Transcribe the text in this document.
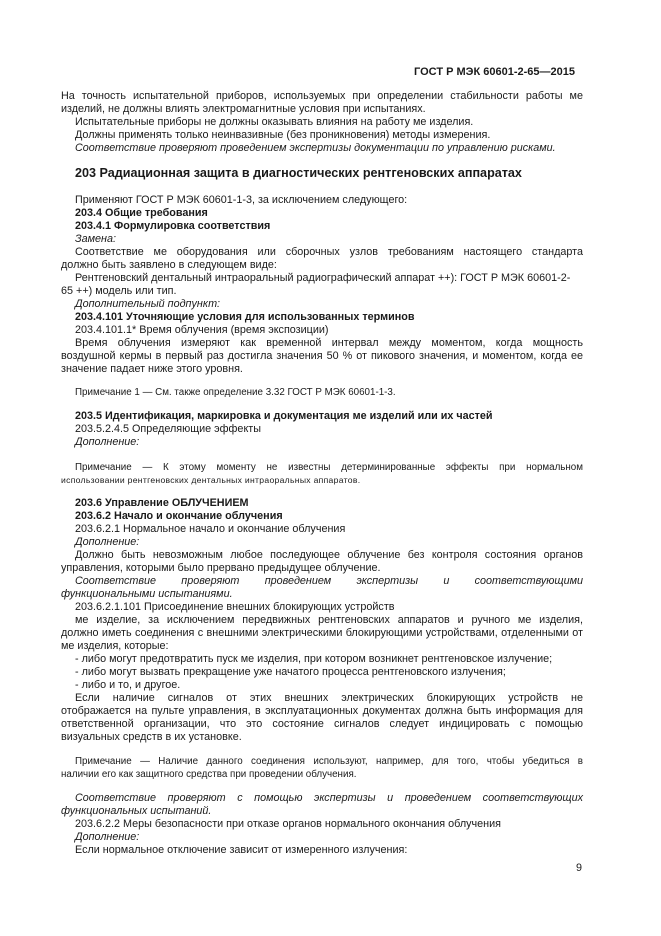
ГОСТ Р МЭК 60601-2-65—2015
На точность испытательной приборов, используемых при определении стабильности работы ме
изделий, не должны влиять электромагнитные условия при испытаниях.
Испытательные приборы не должны оказывать влияния на работу ме изделия.
Должны применять только неинвазивные (без проникновения) методы измерения.
Соответствие проверяют проведением экспертизы документации по управлению рисками.
203 Радиационная защита в диагностических рентгеновских аппаратах
Применяют ГОСТ Р МЭК 60601-1-3, за исключением следующего:
203.4 Общие требования
203.4.1 Формулировка соответствия
Замена:
Соответствие ме оборудования или сборочных узлов требованиям настоящего стандарта
должно быть заявлено в следующем виде:
Рентгеновский дентальный интраоральный радиографический аппарат ++): ГОСТ Р МЭК 60601-2-
65 ++) модель или тип.
Дополнительный подпункт:
203.4.101 Уточняющие условия для использованных терминов
203.4.101.1* Время облучения (время экспозиции)
Время облучения измеряют как временной интервал между моментом, когда мощность
воздушной кермы в первый раз достигла значения 50 % от пикового значения, и моментом, когда ее
значение падает ниже этого уровня.
Примечание 1 — См. также определение 3.32 ГОСТ Р МЭК 60601-1-3.
203.5 Идентификация, маркировка и документация ме изделий или их частей
203.5.2.4.5 Определяющие эффекты
Дополнение:
Примечание — К этому моменту не известны детерминированные эффекты при нормальном
использовании рентгеновских дентальных интраоральных аппаратов.
203.6 Управление ОБЛУЧЕНИЕМ
203.6.2 Начало и окончание облучения
203.6.2.1 Нормальное начало и окончание облучения
Дополнение:
Должно быть невозможным любое последующее облучение без контроля состояния органов
управления, которыми было прервано предыдущее облучение.
Соответствие проверяют проведением экспертизы и соответствующими
функциональными испытаниями.
203.6.2.1.101 Присоединение внешних блокирующих устройств
ме изделие, за исключением передвижных рентгеновских аппаратов и ручного ме изделия,
должно иметь соединения с внешними электрическими блокирующими устройствами, отделенными от
ме изделия, которые:
- либо могут предотвратить пуск ме изделия, при котором возникнет рентгеновское излучение;
- либо могут вызвать прекращение уже начатого процесса рентгеновского излучения;
- либо и то, и другое.
Если наличие сигналов от этих внешних электрических блокирующих устройств не
отображается на пульте управления, в эксплуатационных документах должна быть информация для
ответственной организации, что это состояние сигналов следует индицировать с помощью
визуальных средств в их установке.
Примечание — Наличие данного соединения используют, например, для того, чтобы убедиться в
наличии его как защитного средства при проведении облучения.
Соответствие проверяют с помощью экспертизы и проведением соответствующих
функциональных испытаний.
203.6.2.2 Меры безопасности при отказе органов нормального окончания облучения
Дополнение:
Если нормальное отключение зависит от измеренного излучения:
9
